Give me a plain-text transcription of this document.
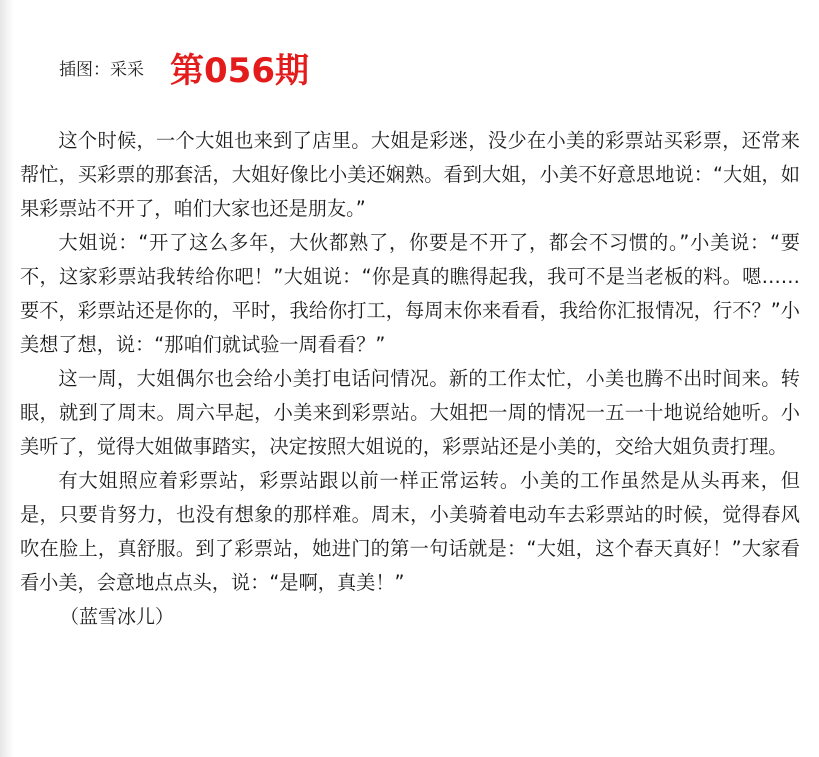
插图：采采 第056期

这个时候，一个大姐也来到了店里。大姐是彩迷，没少在小美的彩票站买彩票，还常来帮忙，买彩票的那套活，大姐好像比小美还娴熟。看到大姐，小美不好意思地说：“大姐，如果彩票站不开了，咱们大家也还是朋友。”

大姐说：“开了这么多年，大伙都熟了，你要是不开了，都会不习惯的。”小美说：“要不，这家彩票站我转给你吧！”大姐说：“你是真的瞧得起我，我可不是当老板的料。嗯……要不，彩票站还是你的，平时，我给你打工，每周末你来看看，我给你汇报情况，行不？”小美想了想，说：“那咱们就试验一周看看？”

这一周，大姐偶尔也会给小美打电话问情况。新的工作太忙，小美也腾不出时间来。转眼，就到了周末。周六早起，小美来到彩票站。大姐把一周的情况一五一十地说给她听。小美听了，觉得大姐做事踏实，决定按照大姐说的，彩票站还是小美的，交给大姐负责打理。

有大姐照应着彩票站，彩票站跟以前一样正常运转。小美的工作虽然是从头再来，但是，只要肯努力，也没有想象的那样难。周末，小美骑着电动车去彩票站的时候，觉得春风吹在脸上，真舒服。到了彩票站，她进门的第一句话就是：“大姐，这个春天真好！”大家看看小美，会意地点点头，说：“是啊，真美！”

（蓝雪冰儿）
